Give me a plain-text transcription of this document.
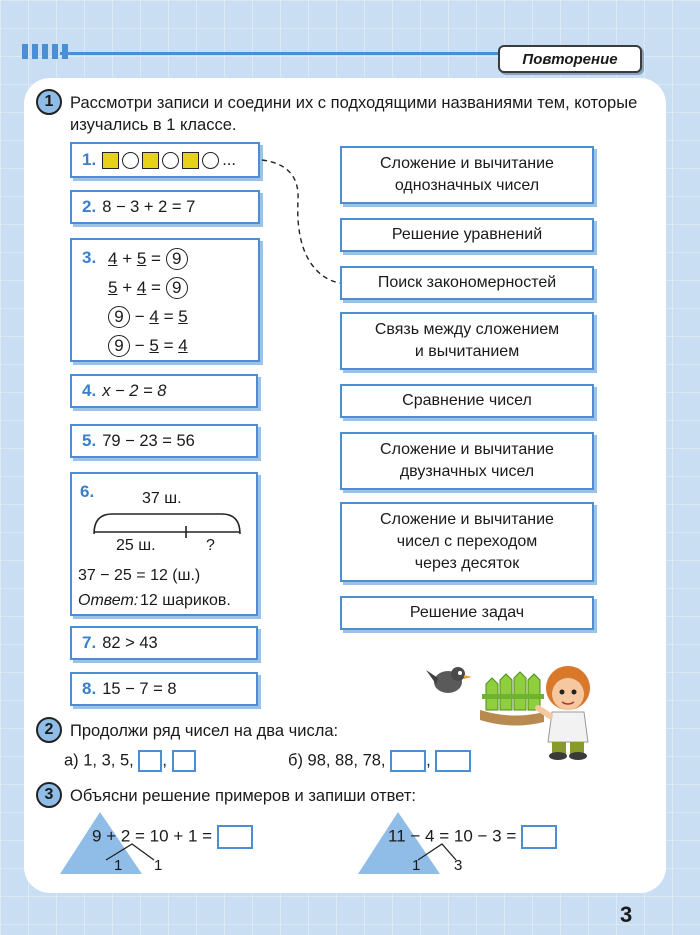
Повторение
1	Рассмотри записи и соедини их с подходящими названиями тем, которые изучались в 1 классе.
1.	...
2. 8 − 3 + 2 = 7
3. 4 + 5 = 9
5 + 4 = 9
9 − 4 = 5
9 − 5 = 4
4. x − 2 = 8
5. 79 − 23 = 56
6.	37 ш.
25 ш.	?
37 − 25 = 12 (ш.)
Ответ: 12 шариков.
7. 82 > 43
8. 15 − 7 = 8
Сложение и вычитание
однозначных чисел
Решение уравнений
Поиск закономерностей
Связь между сложением
и вычитанием
Сравнение чисел
Сложение и вычитание
двузначных чисел
Сложение и вычитание
чисел с переходом
через десяток
Решение задач
2	Продолжи ряд чисел на два числа:
а) 1, 3, 5, ,	б) 98, 88, 78, ,
3	Объясни решение примеров и запиши ответ:
9 + 2 = 10 + 1 =
1 1
11 − 4 = 10 − 3 =
1 3
3
